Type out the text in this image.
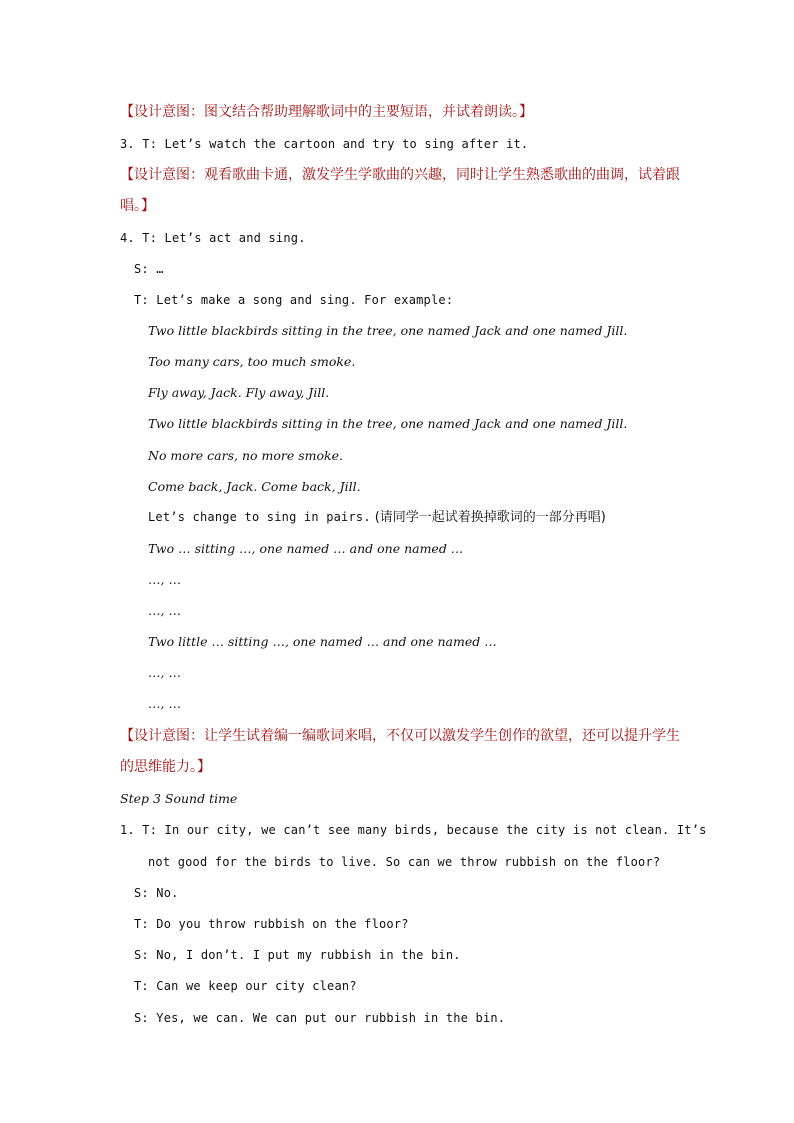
【设计意图：图文结合帮助理解歌词中的主要短语，并试着朗读。】
3. T: Let’s watch the cartoon and try to sing after it.
【设计意图：观看歌曲卡通，激发学生学歌曲的兴趣，同时让学生熟悉歌曲的曲调，试着跟
唱。】
4. T: Let’s act and sing.
S: …
T: Let’s make a song and sing. For example:
Two little blackbirds sitting in the tree, one named Jack and one named Jill.
Too many cars, too much smoke.
Fly away, Jack. Fly away, Jill.
Two little blackbirds sitting in the tree, one named Jack and one named Jill.
No more cars, no more smoke.
Come back, Jack. Come back, Jill.
Let’s change to sing in pairs. (请同学一起试着换掉歌词的一部分再唱)
Two … sitting …, one named … and one named …
…, …
…, …
Two little … sitting …, one named … and one named …
…, …
…, …
【设计意图：让学生试着编一编歌词来唱，不仅可以激发学生创作的欲望，还可以提升学生
的思维能力。】
Step 3 Sound time
1. T: In our city, we can’t see many birds, because the city is not clean. It’s
not good for the birds to live. So can we throw rubbish on the floor?
S: No.
T: Do you throw rubbish on the floor?
S: No, I don’t. I put my rubbish in the bin.
T: Can we keep our city clean?
S: Yes, we can. We can put our rubbish in the bin.
